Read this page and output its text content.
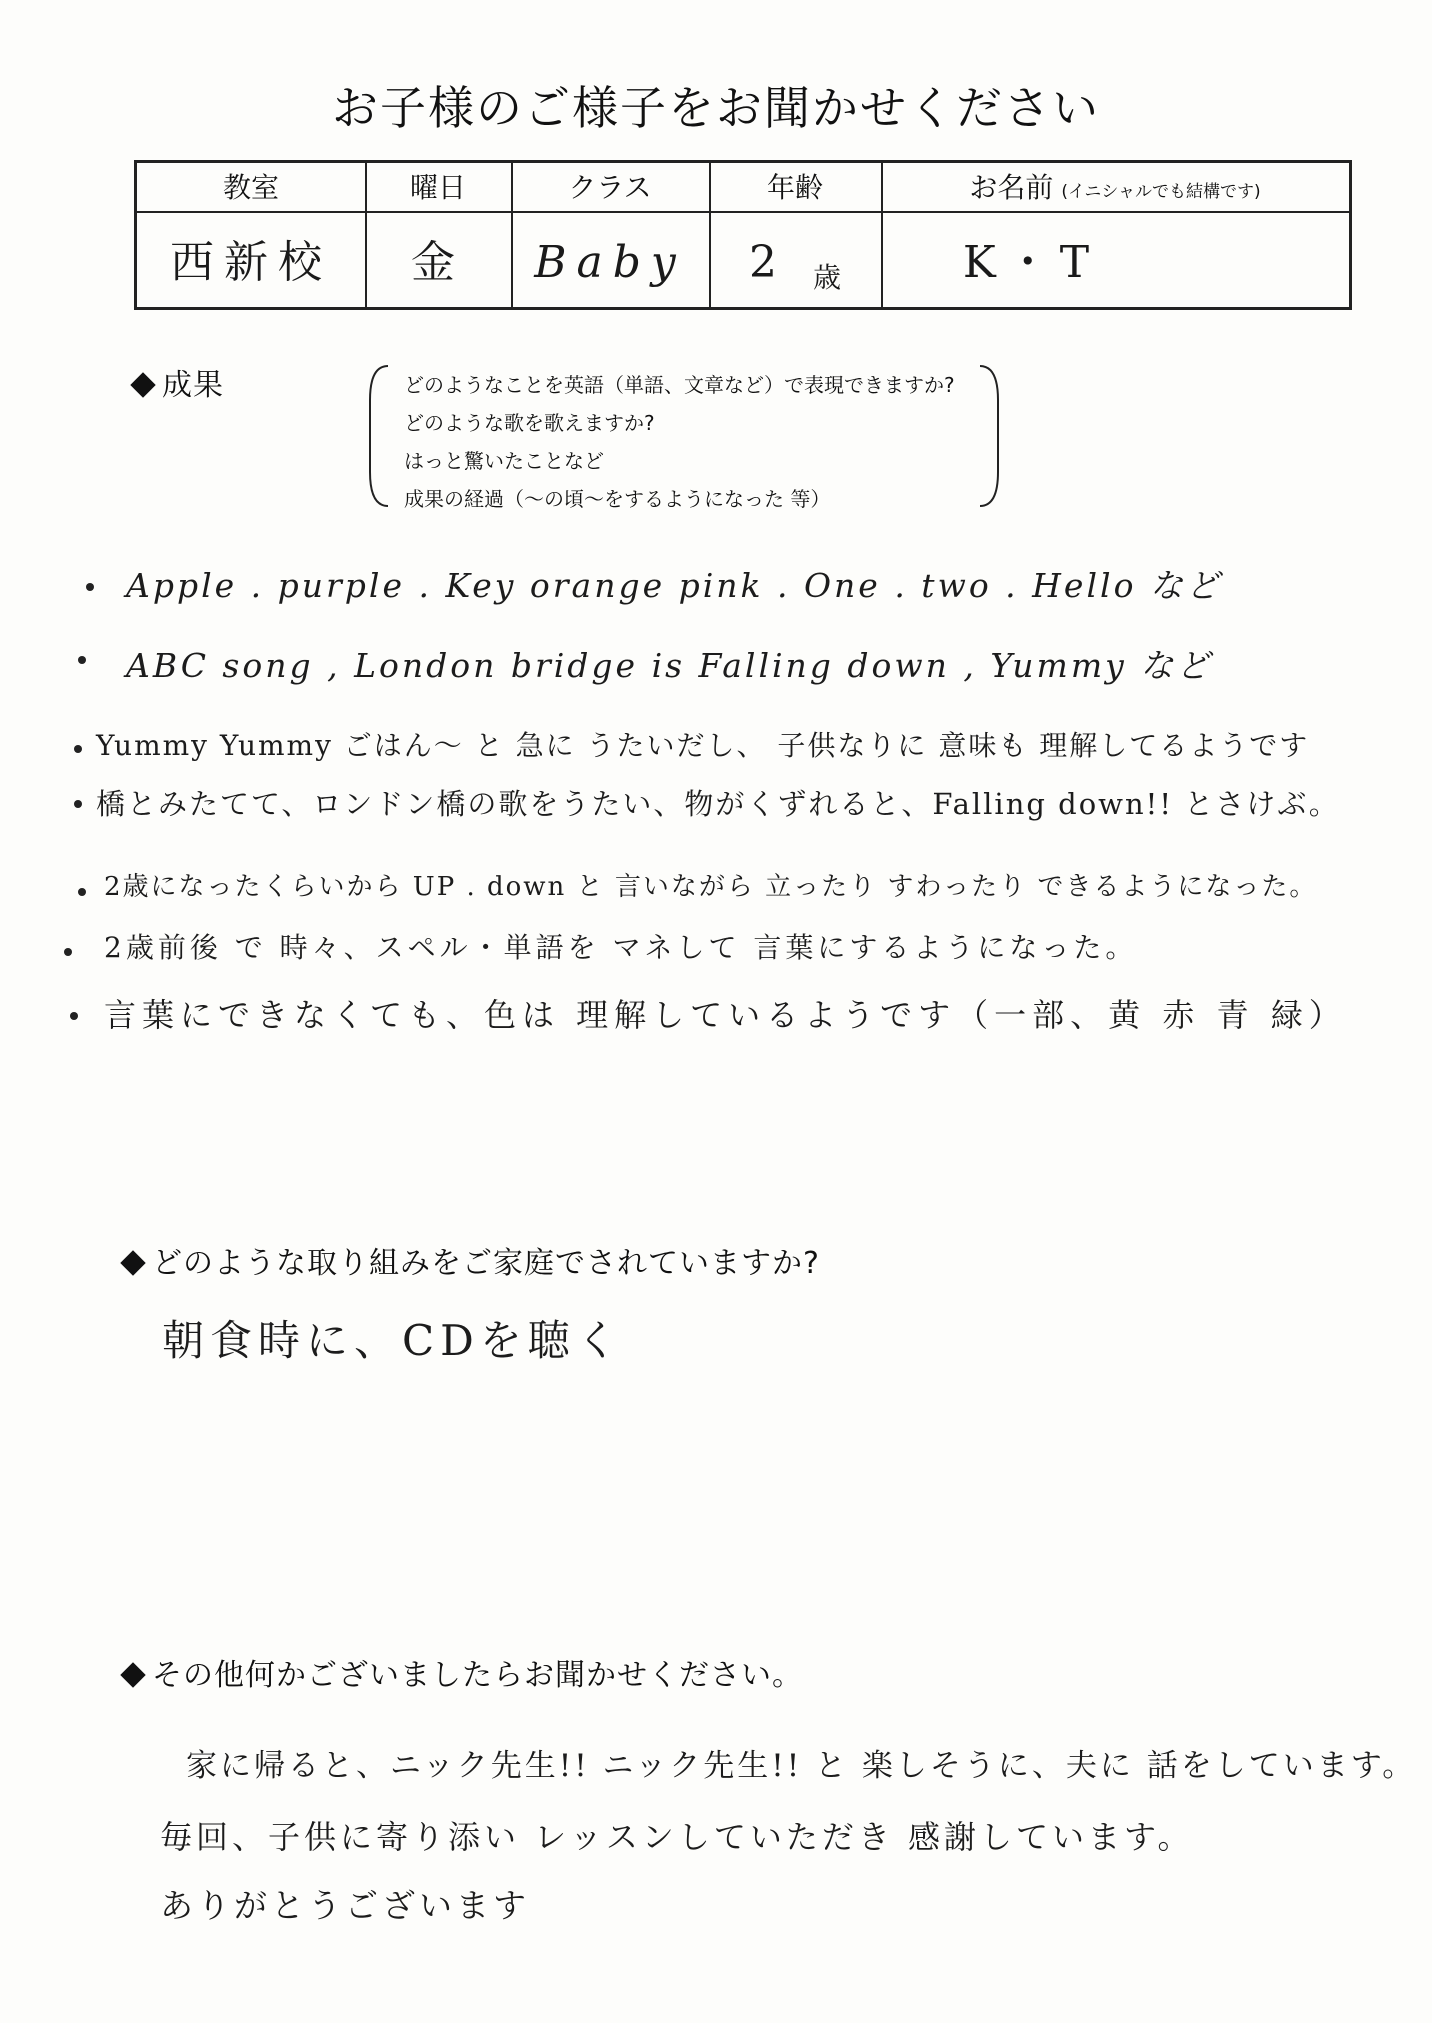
お子様のご様子をお聞かせください
教室	曜日	クラス	年齢	お名前 (イニシャルでも結構です)
西新校	金	Baby	2 $_歳$	K・T
成果	どのようなことを英語（単語、文章など）で表現できますか?
どのような歌を歌えますか?
はっと驚いたことなど
成果の経過（～の頃～をするようになった 等）
Apple . purple . Key orange pink . One . two . Hello など
ABC song , London bridge is Falling down , Yummy など
Yummy Yummy ごはん～ と 急に うたいだし、 子供なりに 意味も 理解してるようです
橋とみたてて、ロンドン橋の歌をうたい、物がくずれると、Falling down!! とさけぶ。
2歳になったくらいから UP . down と 言いながら 立ったり すわったり できるようになった。
2歳前後 で 時々、スペル・単語を マネして 言葉にするようになった。
言葉にできなくても、色は 理解しているようです（一部、黄 赤 青 緑）
どのような取り組みをご家庭でされていますか?
朝食時に、CDを聴く
その他何かございましたらお聞かせください。
家に帰ると、ニック先生!! ニック先生!! と 楽しそうに、夫に 話をしています。
毎回、子供に寄り添い レッスンしていただき 感謝しています。
ありがとうございます
